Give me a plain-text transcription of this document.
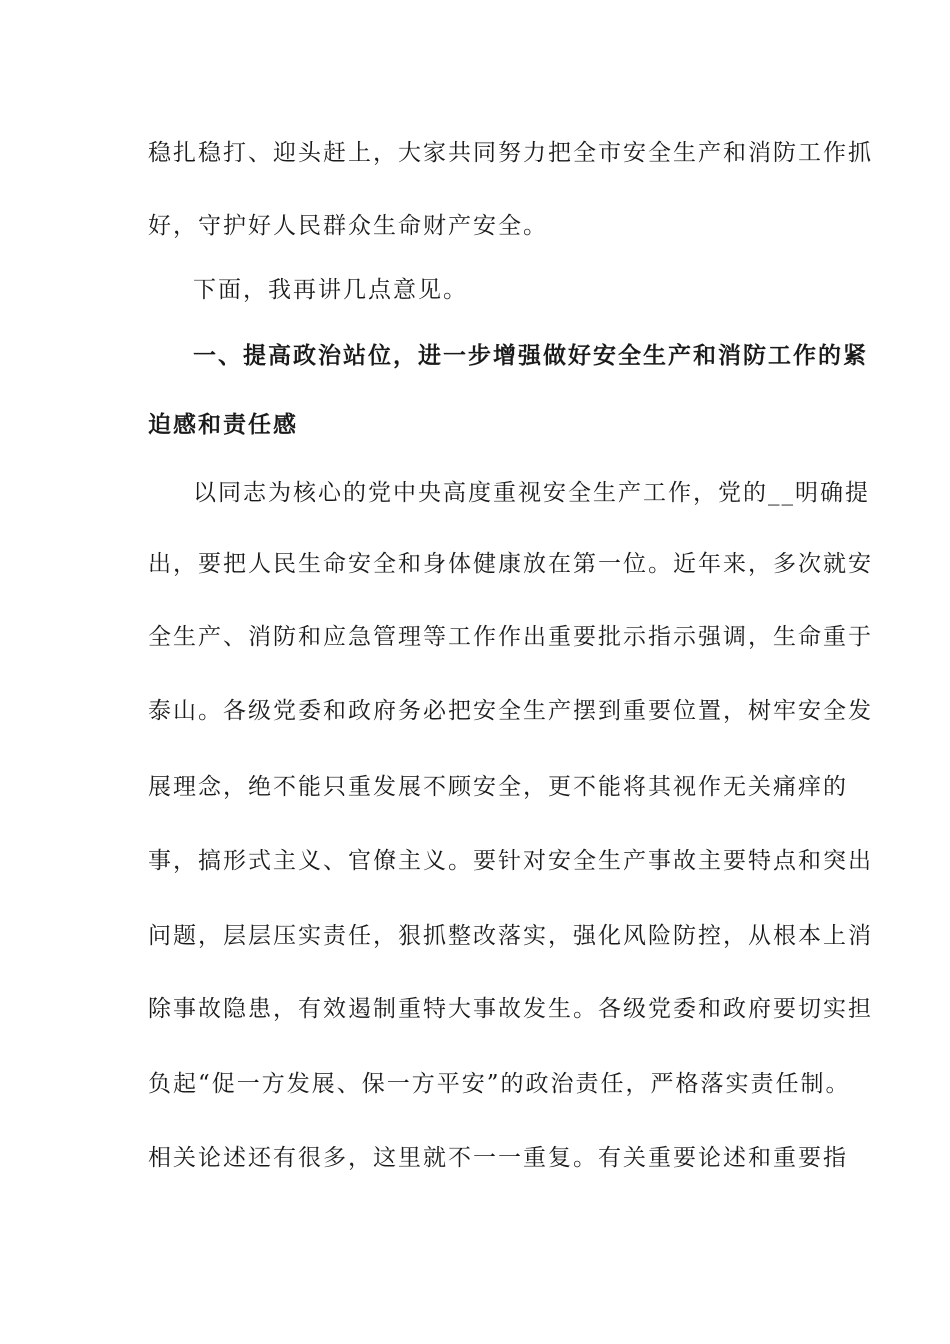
稳扎稳打、迎头赶上，大家共同努力把全市安全生产和消防工作抓
好，守护好人民群众生命财产安全。
下面，我再讲几点意见。
一、提高政治站位，进一步增强做好安全生产和消防工作的紧
迫感和责任感
以同志为核心的党中央高度重视安全生产工作，党的__明确提
出，要把人民生命安全和身体健康放在第一位。近年来，多次就安
全生产、消防和应急管理等工作作出重要批示指示强调，生命重于
泰山。各级党委和政府务必把安全生产摆到重要位置，树牢安全发
展理念，绝不能只重发展不顾安全，更不能将其视作无关痛痒的
事，搞形式主义、官僚主义。要针对安全生产事故主要特点和突出
问题，层层压实责任，狠抓整改落实，强化风险防控，从根本上消
除事故隐患，有效遏制重特大事故发生。各级党委和政府要切实担
负起“促一方发展、保一方平安”的政治责任，严格落实责任制。
相关论述还有很多，这里就不一一重复。有关重要论述和重要指
